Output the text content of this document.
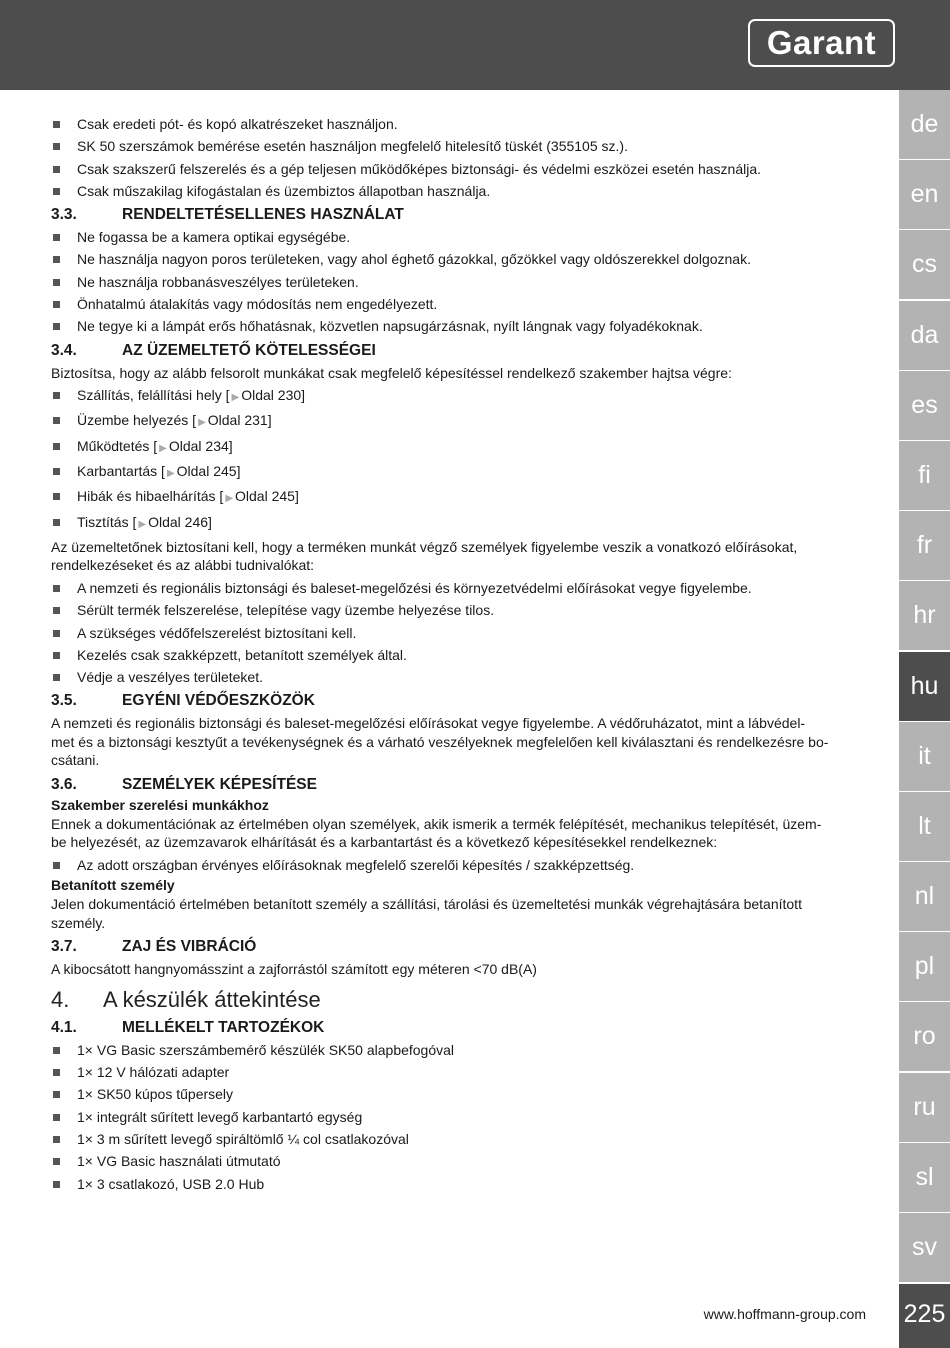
Garant
de
en
cs
da
es
fi
fr
hr
hu
it
lt
nl
pl
ro
ru
sl
sv
225
www.hoffmann-group.com
Csak eredeti pót- és kopó alkatrészeket használjon.
SK 50 szerszámok bemérése esetén használjon megfelelő hitelesítő tüskét (355105 sz.).
Csak szakszerű felszerelés és a gép teljesen működőképes biztonsági- és védelmi eszközei esetén használja.
Csak műszakilag kifogástalan és üzembiztos állapotban használja.
3.3.	RENDELTETÉSELLENES HASZNÁLAT
Ne fogassa be a kamera optikai egységébe.
Ne használja nagyon poros területeken, vagy ahol éghető gázokkal, gőzökkel vagy oldószerekkel dolgoznak.
Ne használja robbanásveszélyes területeken.
Önhatalmú átalakítás vagy módosítás nem engedélyezett.
Ne tegye ki a lámpát erős hőhatásnak, közvetlen napsugárzásnak, nyílt lángnak vagy folyadékoknak.
3.4.	AZ ÜZEMELTETŐ KÖTELESSÉGEI

Biztosítsa, hogy az alább felsorolt munkákat csak megfelelő képesítéssel rendelkező szakember hajtsa végre:

Szállítás, felállítási hely [ ▶ Oldal 230]
Üzembe helyezés [ ▶ Oldal 231]
Működtetés [ ▶ Oldal 234]
Karbantartás [ ▶ Oldal 245]
Hibák és hibaelhárítás [ ▶ Oldal 245]
Tisztítás [ ▶ Oldal 246]

Az üzemeltetőnek biztosítani kell, hogy a terméken munkát végző személyek figyelembe veszik a vonatkozó előírásokat, rendelkezéseket és az alábbi tudnivalókat:

A nemzeti és regionális biztonsági és baleset-megelőzési és környezetvédelmi előírásokat vegye figyelembe.
Sérült termék felszerelése, telepítése vagy üzembe helyezése tilos.
A szükséges védőfelszerelést biztosítani kell.
Kezelés csak szakképzett, betanított személyek által.
Védje a veszélyes területeket.
3.5.	EGYÉNI VÉDŐESZKÖZÖK

A nemzeti és regionális biztonsági és baleset-megelőzési előírásokat vegye figyelembe. A védőruházatot, mint a lábvédel-
met és a biztonsági kesztyűt a tevékenységnek és a várható veszélyeknek megfelelően kell kiválasztani és rendelkezésre bo-
csátani.

3.6.	SZEMÉLYEK KÉPESÍTÉSE
Szakember szerelési munkákhoz

Ennek a dokumentációnak az értelmében olyan személyek, akik ismerik a termék felépítését, mechanikus telepítését, üzem-
be helyezését, az üzemzavarok elhárítását és a karbantartást és a következő képesítésekkel rendelkeznek:

Az adott országban érvényes előírásoknak megfelelő szerelői képesítés / szakképzettség.
Betanított személy

Jelen dokumentáció értelmében betanított személy a szállítási, tárolási és üzemeltetési munkák végrehajtására betanított
személy.

3.7.	ZAJ ÉS VIBRÁCIÓ

A kibocsátott hangnyomásszint a zajforrástól számított egy méteren <70 dB(A)

4.	A készülék áttekintése
4.1.	MELLÉKELT TARTOZÉKOK
1× VG Basic szerszámbemérő készülék SK50 alapbefogóval
1× 12 V hálózati adapter
1× SK50 kúpos tűpersely
1× integrált sűrített levegő karbantartó egység
1× 3 m sűrített levegő spiráltömlő ¼ col csatlakozóval
1× VG Basic használati útmutató
1× 3 csatlakozó, USB 2.0 Hub
